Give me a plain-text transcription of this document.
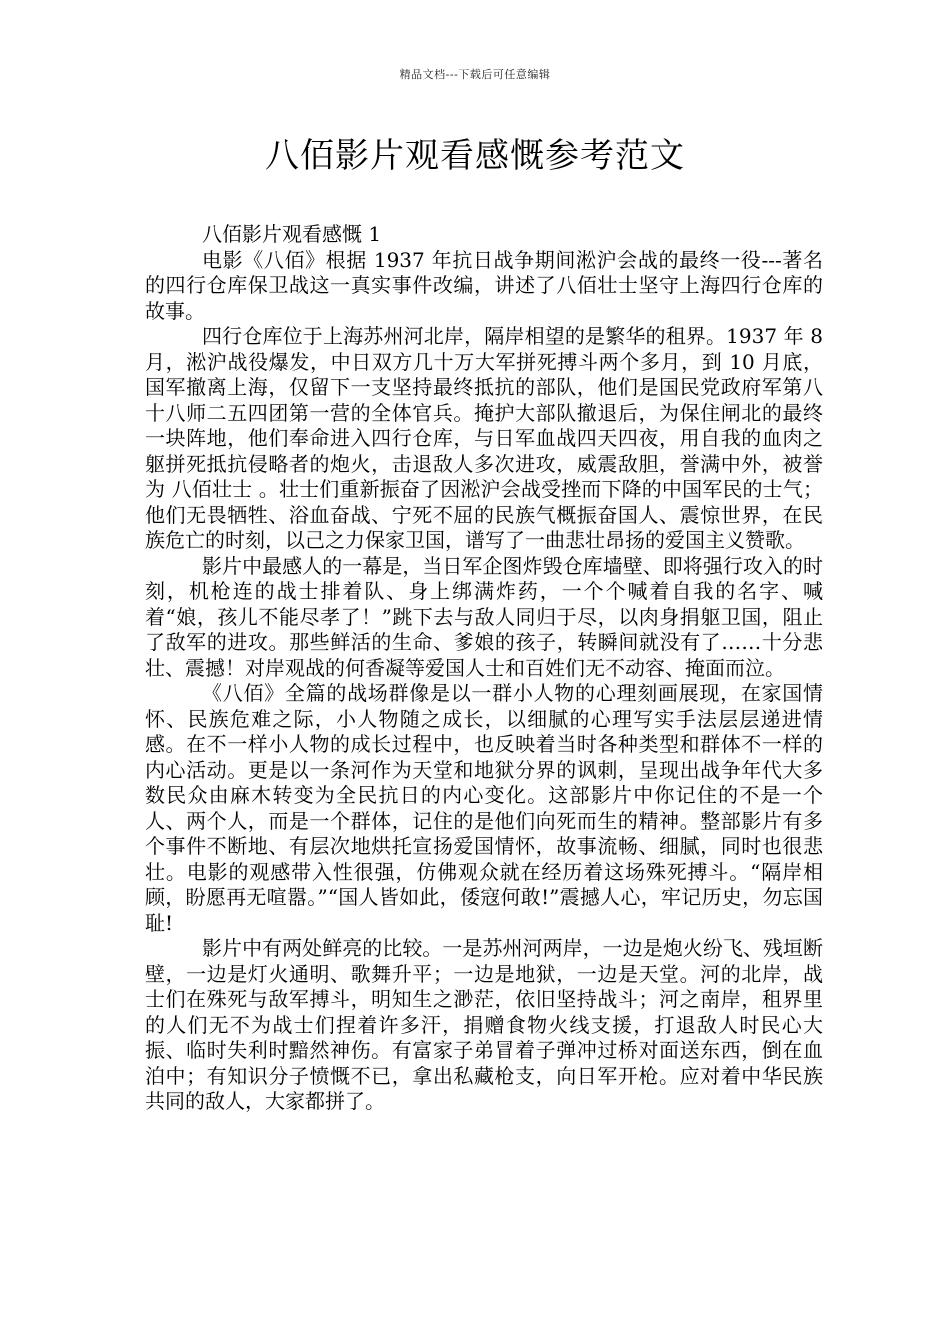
精品文档---下载后可任意编辑
八佰影片观看感慨参考范文
八佰影片观看感慨 1

电影《八佰》根据 1937 年抗日战争期间淞沪会战的最终一役---著名的四行仓库保卫战这一真实事件改编，讲述了八佰壮士坚守上海四行仓库的故事。

四行仓库位于上海苏州河北岸，隔岸相望的是繁华的租界。1937 年 8 月，淞沪战役爆发，中日双方几十万大军拼死搏斗两个多月，到 10 月底，国军撤离上海，仅留下一支坚持最终抵抗的部队，他们是国民党政府军第八十八师二五四团第一营的全体官兵。掩护大部队撤退后，为保住闸北的最终一块阵地，他们奉命进入四行仓库，与日军血战四天四夜，用自我的血肉之躯拼死抵抗侵略者的炮火，击退敌人多次进攻，威震敌胆，誉满中外，被誉为 八佰壮士 。壮士们重新振奋了因淞沪会战受挫而下降的中国军民的士气；他们无畏牺牲、浴血奋战、宁死不屈的民族气概振奋国人、震惊世界，在民族危亡的时刻，以己之力保家卫国，谱写了一曲悲壮昂扬的爱国主义赞歌。

影片中最感人的一幕是，当日军企图炸毁仓库墙壁、即将强行攻入的时刻，机枪连的战士排着队、身上绑满炸药，一个个喊着自我的名字、喊着“娘，孩儿不能尽孝了！”跳下去与敌人同归于尽，以肉身捐躯卫国，阻止了敌军的进攻。那些鲜活的生命、爹娘的孩子，转瞬间就没有了……十分悲壮、震撼！对岸观战的何香凝等爱国人士和百姓们无不动容、掩面而泣。

《八佰》全篇的战场群像是以一群小人物的心理刻画展现，在家国情怀、民族危难之际，小人物随之成长，以细腻的心理写实手法层层递进情感。在不一样小人物的成长过程中，也反映着当时各种类型和群体不一样的内心活动。更是以一条河作为天堂和地狱分界的讽刺，呈现出战争年代大多数民众由麻木转变为全民抗日的内心变化。这部影片中你记住的不是一个人、两个人，而是一个群体，记住的是他们向死而生的精神。整部影片有多个事件不断地、有层次地烘托宣扬爱国情怀，故事流畅、细腻，同时也很悲壮。电影的观感带入性很强，仿佛观众就在经历着这场殊死搏斗。“隔岸相顾，盼愿再无喧嚣。”“国人皆如此，倭寇何敢!”震撼人心，牢记历史，勿忘国耻!

影片中有两处鲜亮的比较。一是苏州河两岸，一边是炮火纷飞、残垣断壁，一边是灯火通明、歌舞升平；一边是地狱，一边是天堂。河的北岸，战士们在殊死与敌军搏斗，明知生之渺茫，依旧坚持战斗；河之南岸，租界里的人们无不为战士们捏着许多汗，捐赠食物火线支援，打退敌人时民心大振、临时失利时黯然神伤。有富家子弟冒着子弹冲过桥对面送东西，倒在血泊中；有知识分子愤慨不已，拿出私藏枪支，向日军开枪。应对着中华民族共同的敌人，大家都拼了。
